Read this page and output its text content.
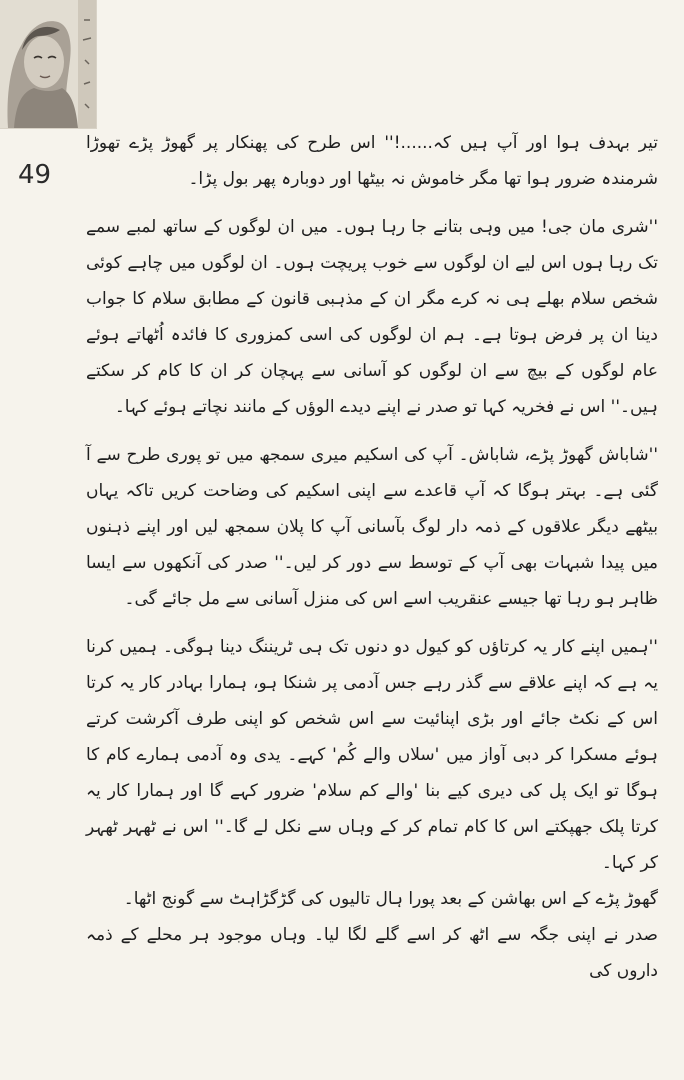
49

تیر بہدف ہوا اور آپ ہیں کہ......!'' اس طرح کی پھنکار پر گھوڑ پڑے تھوڑا شرمندہ ضرور ہوا تھا مگر خاموش نہ بیٹھا اور دوبارہ پھر بول پڑا۔

''شری مان جی! میں وہی بتانے جا رہا ہوں۔ میں ان لوگوں کے ساتھ لمبے سمے تک رہا ہوں اس لیے ان لوگوں سے خوب پریچت ہوں۔ ان لوگوں میں چاہے کوئی شخص سلام بھلے ہی نہ کرے مگر ان کے مذہبی قانون کے مطابق سلام کا جواب دینا ان پر فرض ہوتا ہے۔ ہم ان لوگوں کی اسی کمزوری کا فائدہ اُٹھاتے ہوئے عام لوگوں کے بیچ سے ان لوگوں کو آسانی سے پہچان کر ان کا کام کر سکتے ہیں۔'' اس نے فخریہ کہا تو صدر نے اپنے دیدے الوؤں کے مانند نچاتے ہوئے کہا۔

''شاباش گھوڑ پڑے، شاباش۔ آپ کی اسکیم میری سمجھ میں تو پوری طرح سے آ گئی ہے۔ بہتر ہوگا کہ آپ قاعدے سے اپنی اسکیم کی وضاحت کریں تاکہ یہاں بیٹھے دیگر علاقوں کے ذمہ دار لوگ بآسانی آپ کا پلان سمجھ لیں اور اپنے ذہنوں میں پیدا شبہات بھی آپ کے توسط سے دور کر لیں۔'' صدر کی آنکھوں سے ایسا ظاہر ہو رہا تھا جیسے عنقریب اسے اس کی منزل آسانی سے مل جائے گی۔

''ہمیں اپنے کار یہ کرتاؤں کو کیول دو دنوں تک ہی ٹریننگ دینا ہوگی۔ ہمیں کرنا یہ ہے کہ اپنے علاقے سے گذر رہے جس آدمی پر شنکا ہو، ہمارا بہادر کار یہ کرتا اس کے نکٹ جائے اور بڑی اپنائیت سے اس شخص کو اپنی طرف آکرشت کرتے ہوئے مسکرا کر دبی آواز میں 'سلاں والے کُم' کہے۔ یدی وہ آدمی ہمارے کام کا ہوگا تو ایک پل کی دیری کیے بنا 'والے کم سلام' ضرور کہے گا اور ہمارا کار یہ کرتا پلک جھپکتے اس کا کام تمام کر کے وہاں سے نکل لے گا۔'' اس نے ٹھہر ٹھہر کر کہا۔

گھوڑ پڑے کے اس بھاشن کے بعد پورا ہال تالیوں کی گڑگڑاہٹ سے گونج اٹھا۔

صدر نے اپنی جگہ سے اٹھ کر اسے گلے لگا لیا۔ وہاں موجود ہر محلے کے ذمہ داروں کی
